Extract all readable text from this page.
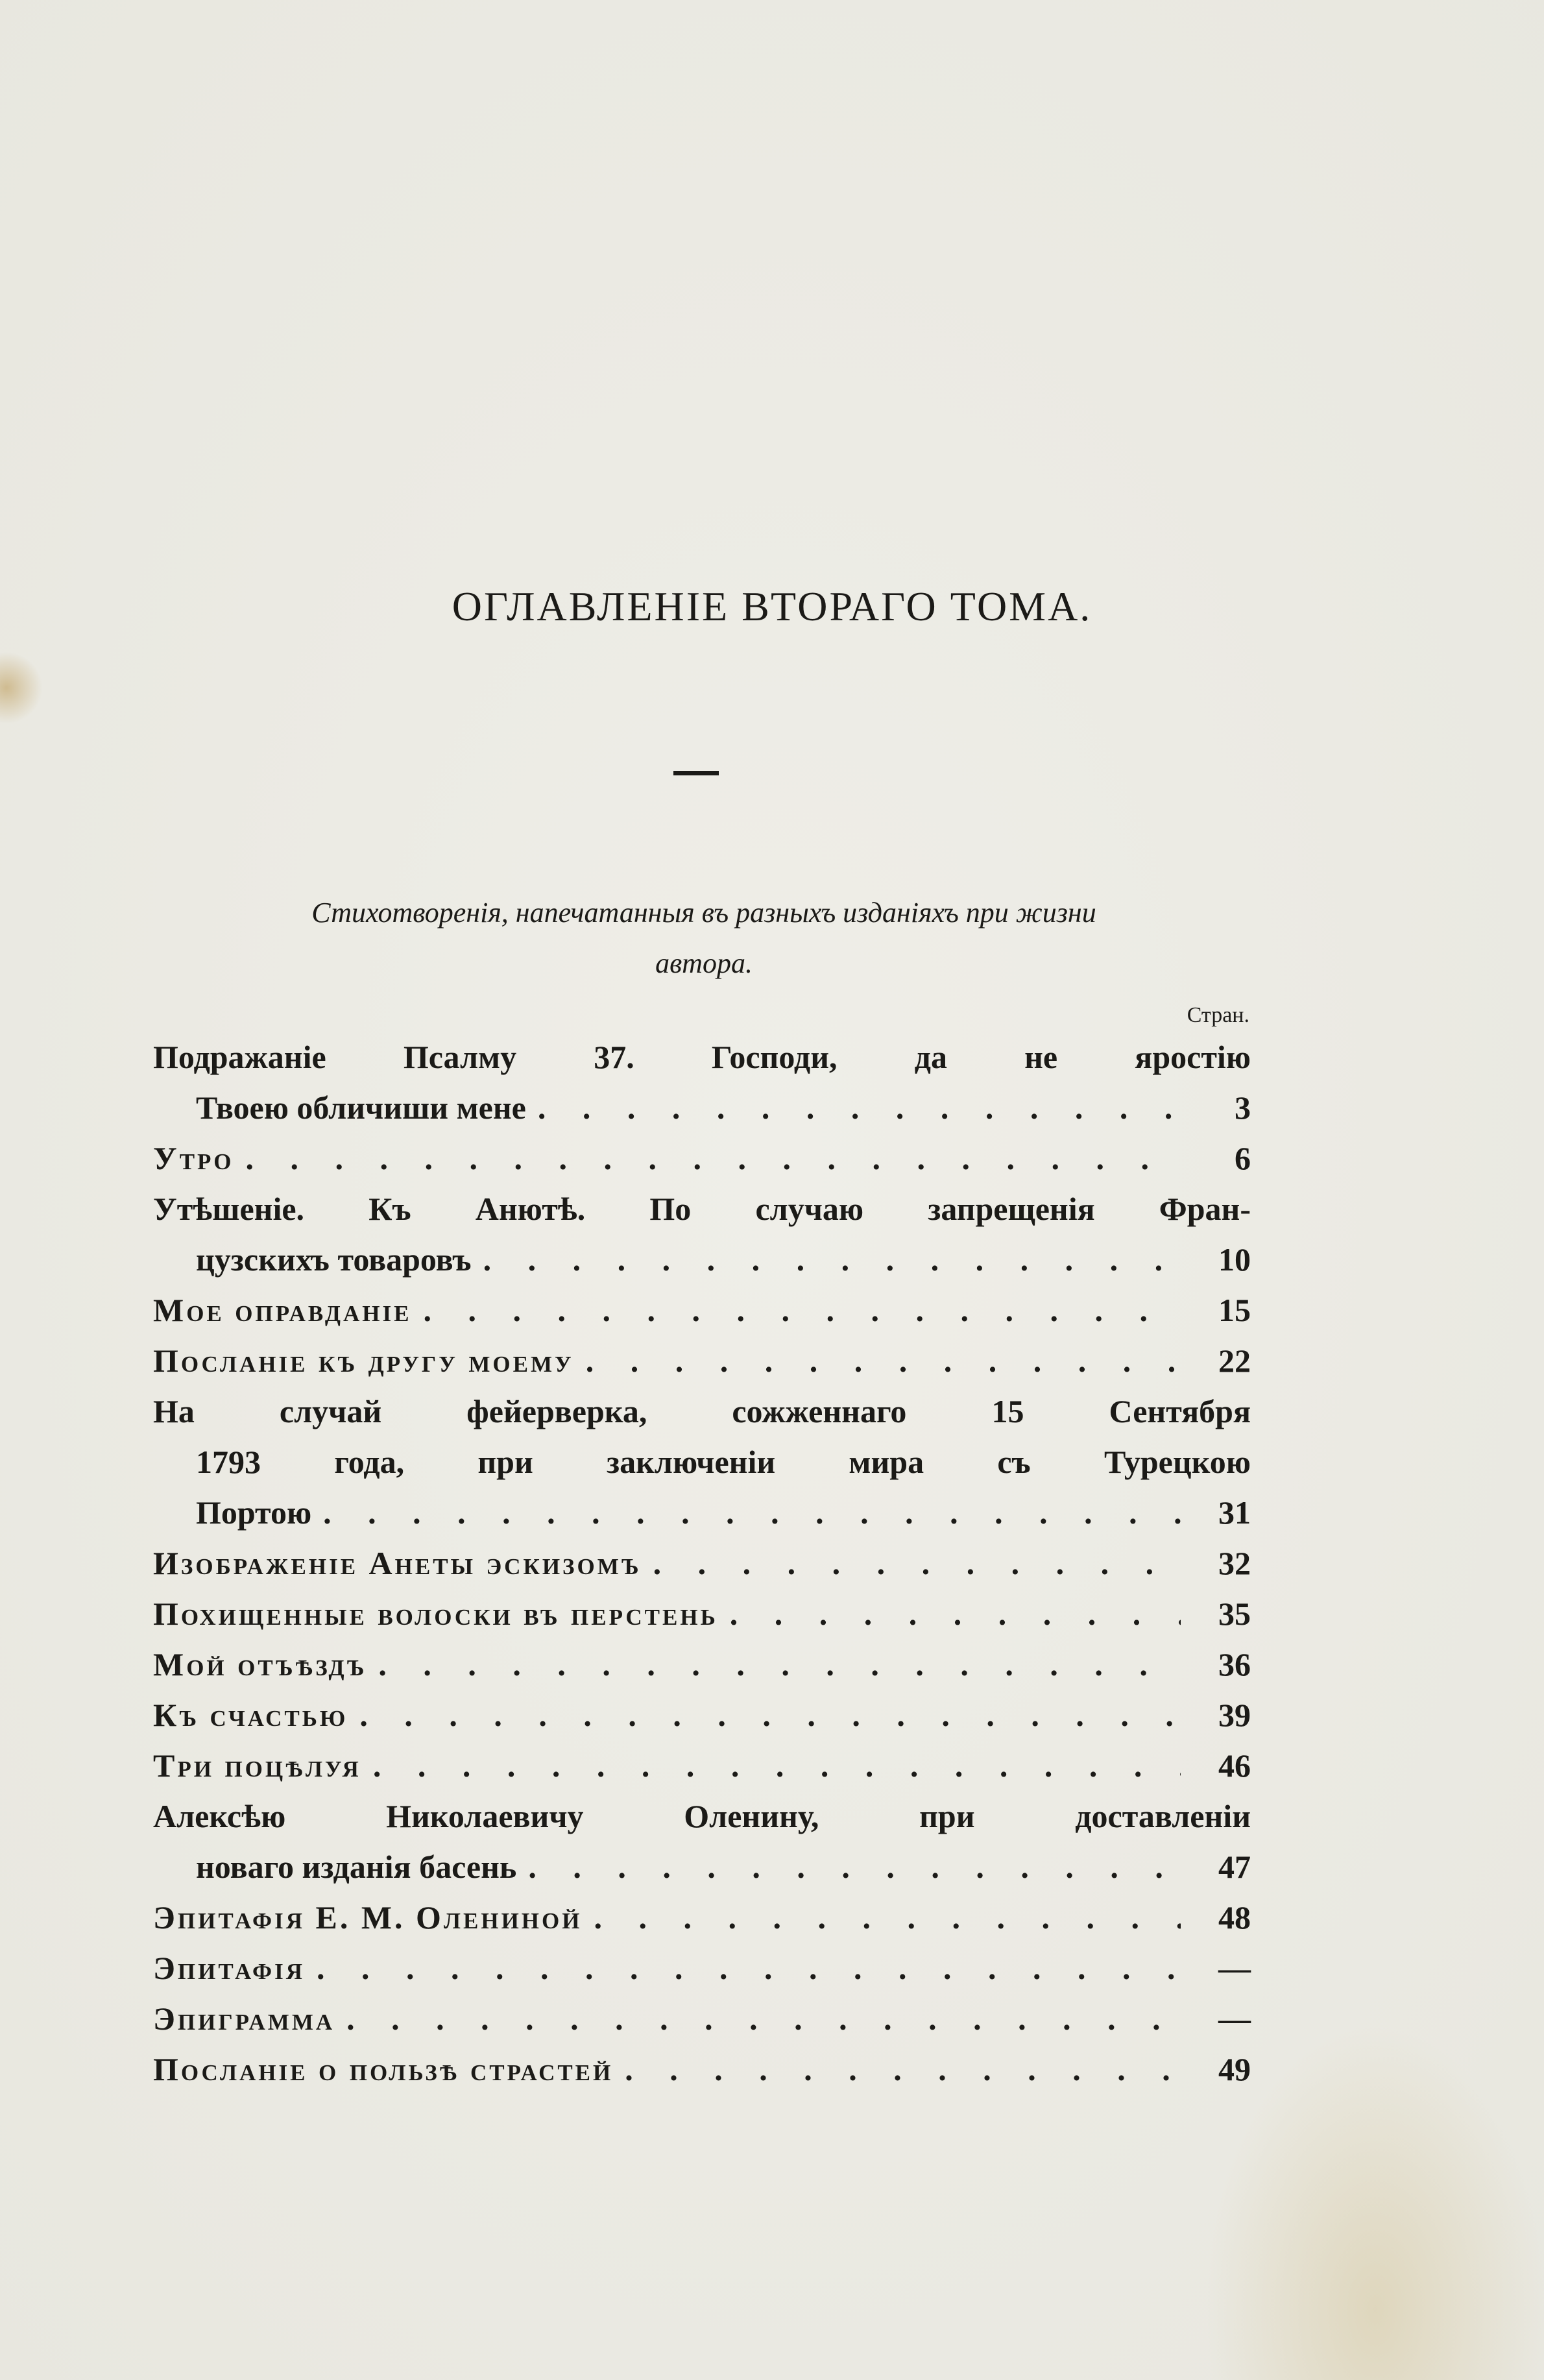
ОГЛАВЛЕНІЕ ВТОРАГО ТОМА.
Стихотворенія, напечатанныя въ разныхъ изданіяхъ при жизни
автора.
Стран.
Подражаніе Псалму 37. Господи, да не яростію
Твоею обличиши мене . . .	3
Утро . . .	6
Утѣшеніе. Къ Анютѣ. По случаю запрещенія Фран-
цузскихъ товаровъ . . .	10
Мое оправданіе . . .	15
Посланіе къ другу моему . . .	22
На случай фейерверка, сожженнаго 15 Сентября
1793 года, при заключеніи мира съ Турецкою
Портою . . .	31
Изображеніе Анеты эскизомъ . . .	32
Похищенные волоски въ перстень . . .	35
Мой отъѣздъ . . .	36
Къ счастью . . .	39
Три поцѣлуя . . .	46
Алексѣю Николаевичу Оленину, при доставленіи
новаго изданія басень . . .	47
Эпитафія Е. М. Олениной . . .	48
Эпитафія . . .	—
Эпиграмма . . .	—
Посланіе о пользѣ страстей . . .	49
